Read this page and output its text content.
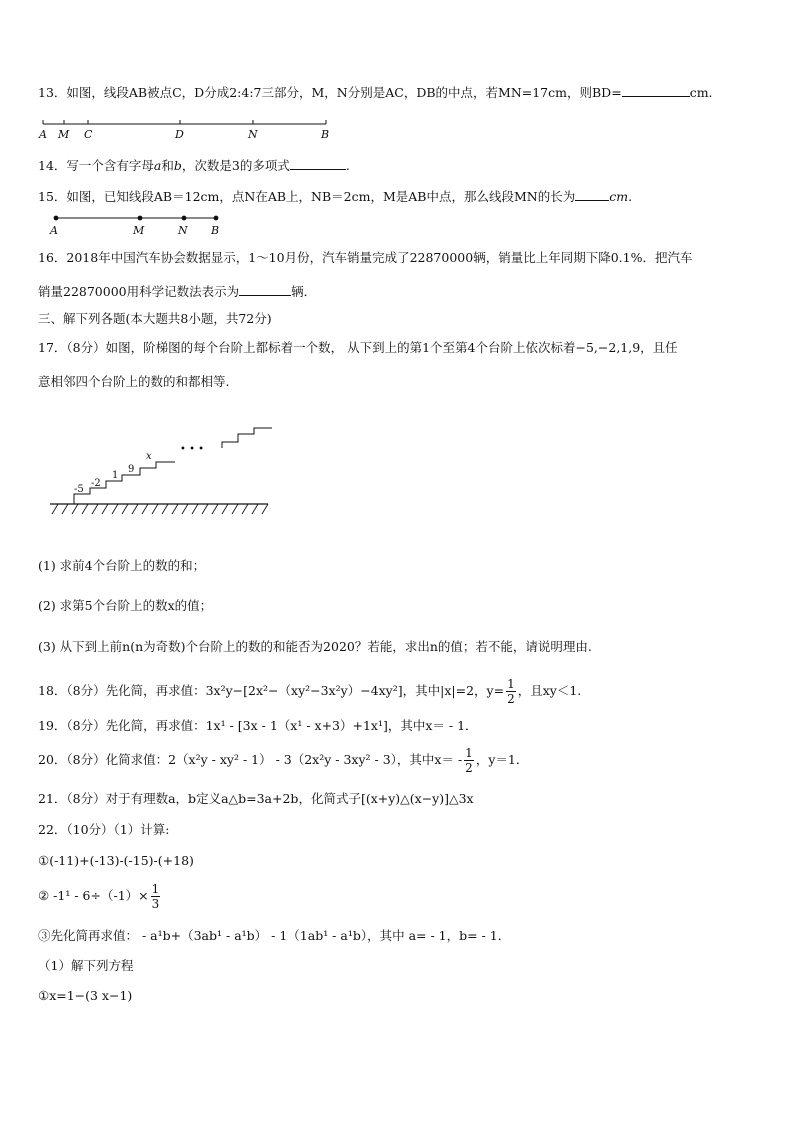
13．如图，线段AB被点C，D分成2:4:7三部分，M，N分别是AC，DB的中点，若MN=17cm，则BD=	cm.
A M C	D	N	B
14．写一个含有字母a和b，次数是3的多项式	.
15．如图，已知线段AB＝12cm，点N在AB上，NB＝2cm，M是AB中点，那么线段MN的长为	cm.
A	M	N B
16．2018年中国汽车协会数据显示，1～10月份，汽车销量完成了22870000辆，销量比上年同期下降0.1%．把汽车
销量22870000用科学记数法表示为	辆．
三、解下列各题(本大题共8小题，共72分)
17．（8分）如图，阶梯图的每个台阶上都标着一个数， 从下到上的第1个至第4个台阶上依次标着−5,−2,1,9，且任
意相邻四个台阶上的数的和都相等.
-5
-2
1
9
x
• • •
(1) 求前4个台阶上的数的和；
(2) 求第5个台阶上的数x的值；
(3) 从下到上前n(n为奇数)个台阶上的数的和能否为2020？若能，求出n的值；若不能，请说明理由.
18．（8分）先化简，再求值：3x²y−[2x²−（xy²−3x²y）−4xy²]，其中|x|=2，$y= \frac{1}{2}$ ，且xy＜1.
19．（8分）先化简，再求值：1x¹ - [3x - 1（x¹ - x+3）+1x¹]，其中x＝ - 1．
20．（8分）化简求值：2（x²y - xy² - 1） - 3（2x²y - 3xy² - 3），其中$x= - \frac{1}{2}$ ，y＝1．
21．（8分）对于有理数a，b定义a△b=3a+2b，化简式子[(x+y)△(x−y)]△3x
22．（10分）（1）计算:
①(-11)+(-13)-(-15)-(+18)
② $-1^1 - 6\div(-1)\times \frac{1}{3}$
③先化简再求值： - a¹b+（3ab¹ - a¹b） - 1（1ab¹ - a¹b），其中 a= - 1，b= - 1．
（1）解下列方程
①x=1−(3 x−1)
